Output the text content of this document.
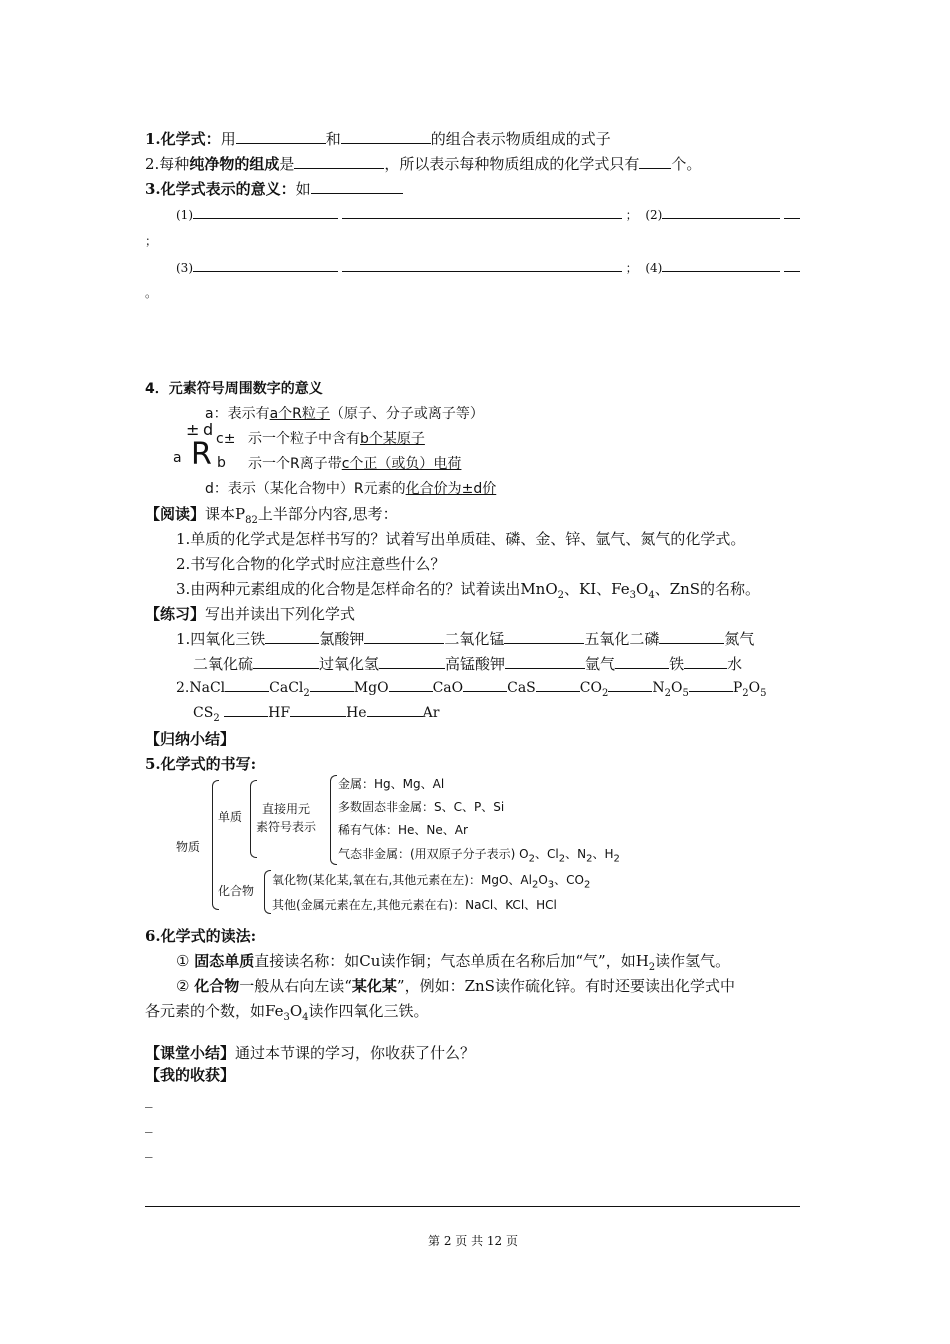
1.化学式：用	和	的组合表示物质组成的式子
2.每种纯净物的组成是	，所以表示每种物质组成的化学式只有 个。
3.化学式表示的意义：如
(1)	； (2)
；
(3)	； (4)
。
4．元素符号周围数字的意义
a：表示有a个R粒子（原子、分子或离子等）
± d c±
a R b
示一个粒子中含有b个某原子
示一个R离子带c个正（或负）电荷
d：表示（某化合物中）R元素的化合价为±d价
【阅读】课本$P_{82}$上半部分内容,思考：
1.单质的化学式是怎样书写的？试着写出单质硅、磷、金、锌、氩气、氮气的化学式。
2.书写化合物的化学式时应注意些什么？
3.由两种元素组成的化合物是怎样命名的？试着读出MnO$_2$、KI、$Fe_3O_4$、ZnS的名称。
【练习】写出并读出下列化学式
1.四氧化三铁	氯酸钾	二氧化锰	五氧化二磷	氮气
二氧化硫	过氧化氢	高锰酸钾	氩气	铁	水
2.NaCl	CaCl$_2$	MgO	CaO	CaS	$CO_2$	$N_2O_5$	$P_2O_5$
$CS_2$	HF	He	Ar
【归纳小结】
5.化学式的书写:
物质
单质
直接用元
素符号表示
金属：Hg、Mg、Al
多数固态非金属：S、C、P、Si
稀有气体：He、Ne、Ar
气态非金属：(用双原子分子表示) $O_2$、$Cl_2$、$N_2$、$H_2$
化合物
氧化物(某化某,氧在右,其他元素在左)：MgO、$Al_2O_3$、$CO_2$
其他(金属元素在左,其他元素在右)：NaCl、KCl、HCl
6.化学式的读法:
① 固态单质直接读名称：如Cu读作铜；气态单质在名称后加“气”，如$H_2$读作氢气。
② 化合物一般从右向左读“某化某”，例如：ZnS读作硫化锌。有时还要读出化学式中
各元素的个数，如$Fe_3O_4$读作四氧化三铁。
【课堂小结】通过本节课的学习，你收获了什么？
【我的收获】
_
_
_
第 2 页 共 12 页
